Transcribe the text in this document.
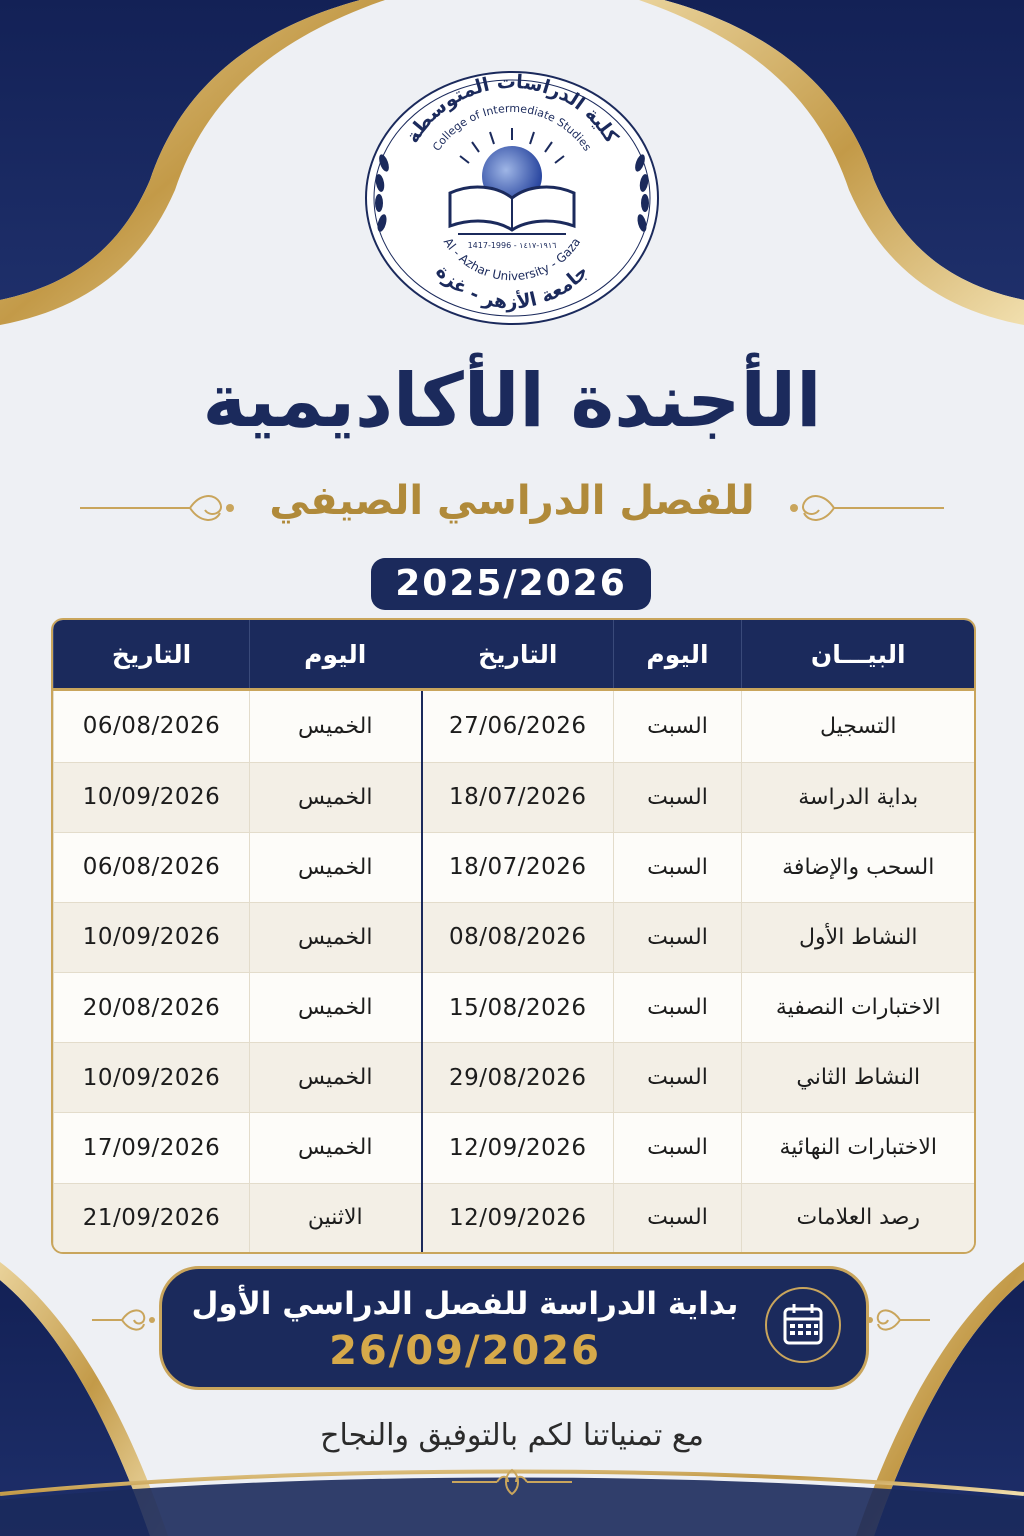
كلية الدراسات المتوسطة
College of Intermediate Studies
Al - Azhar University - Gaza
جامعة الأزهر - غزة
1417-1996 - ١٩١٦-١٤١٧
الأجندة الأكاديمية
للفصل الدراسي الصيفي
2025/2026
البيـــان	اليوم	التاريخ	اليوم	التاريخ
التسجيل	السبت	27/06/2026	الخميس	06/08/2026
بداية الدراسة	السبت	18/07/2026	الخميس	10/09/2026
السحب والإضافة	السبت	18/07/2026	الخميس	06/08/2026
النشاط الأول	السبت	08/08/2026	الخميس	10/09/2026
الاختبارات النصفية	السبت	15/08/2026	الخميس	20/08/2026
النشاط الثاني	السبت	29/08/2026	الخميس	10/09/2026
الاختبارات النهائية	السبت	12/09/2026	الخميس	17/09/2026
رصد العلامات	السبت	12/09/2026	الاثنين	21/09/2026
بداية الدراسة للفصل الدراسي الأول
26/09/2026
مع تمنياتنا لكم بالتوفيق والنجاح
